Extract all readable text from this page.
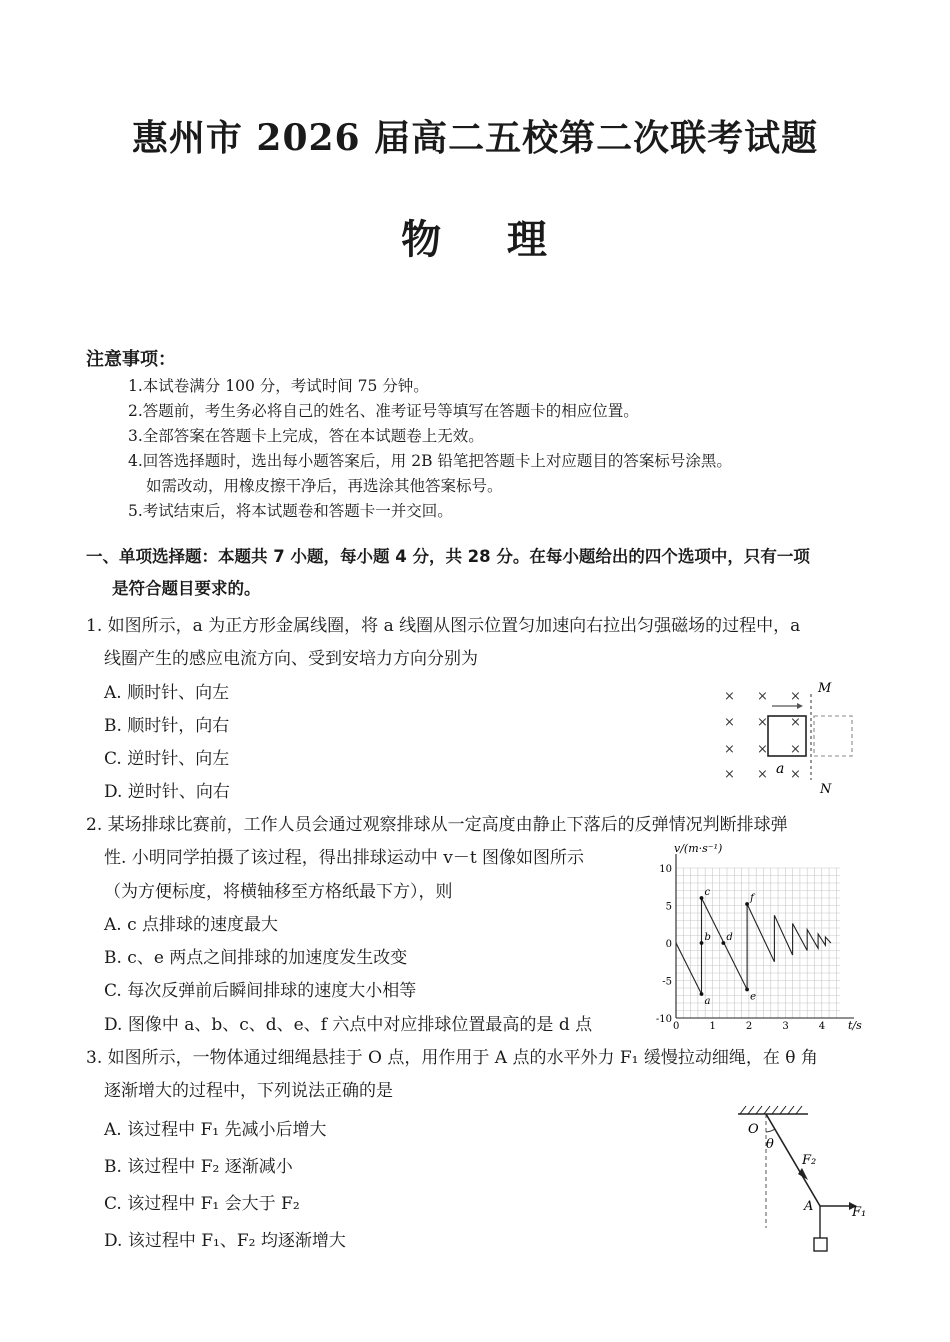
惠州市 2026 届高二五校第二次联考试题
物    理
注意事项：
1.本试卷满分 100 分，考试时间 75 分钟。
2.答题前，考生务必将自己的姓名、准考证号等填写在答题卡的相应位置。
3.全部答案在答题卡上完成，答在本试题卷上无效。
4.回答选择题时，选出每小题答案后，用 2B 铅笔把答题卡上对应题目的答案标号涂黑。
如需改动，用橡皮擦干净后，再选涂其他答案标号。
5.考试结束后，将本试题卷和答题卡一并交回。
一、单项选择题：本题共 7 小题，每小题 4 分，共 28 分。在每小题给出的四个选项中，只有一项
是符合题目要求的。
1. 如图所示，a 为正方形金属线圈，将 a 线圈从图示位置匀加速向右拉出匀强磁场的过程中，a
线圈产生的感应电流方向、受到安培力方向分别为
A. 顺时针、向左
B. 顺时针，向右
C. 逆时针、向左
D. 逆时针、向右
× × ×
× × ×
× × ×
× × ×
M
N
a
2. 某场排球比赛前，工作人员会通过观察排球从一定高度由静止下落后的反弹情况判断排球弹
性. 小明同学拍摄了该过程，得出排球运动中 v－t 图像如图所示
（为方便标度，将横轴移至方格纸最下方），则
A. c 点排球的速度最大
B. c、e 两点之间排球的加速度发生改变
C. 每次反弹前后瞬间排球的速度大小相等
D. 图像中 a、b、c、d、e、f 六点中对应排球位置最高的是 d 点	0	1	2	3	4
10
5
0
-5
-10
a
b
c
d
e
f
v/(m·s⁻¹)
t/s
3. 如图所示，一物体通过细绳悬挂于 O 点，用作用于 A 点的水平外力 F₁ 缓慢拉动细绳，在 θ 角
逐渐增大的过程中，下列说法正确的是
A. 该过程中 F₁ 先减小后增大
B. 该过程中 F₂ 逐渐减小
C. 该过程中 F₁ 会大于 F₂
D. 该过程中 F₁、F₂ 均逐渐增大
O
θ
F₂
A	F₁
